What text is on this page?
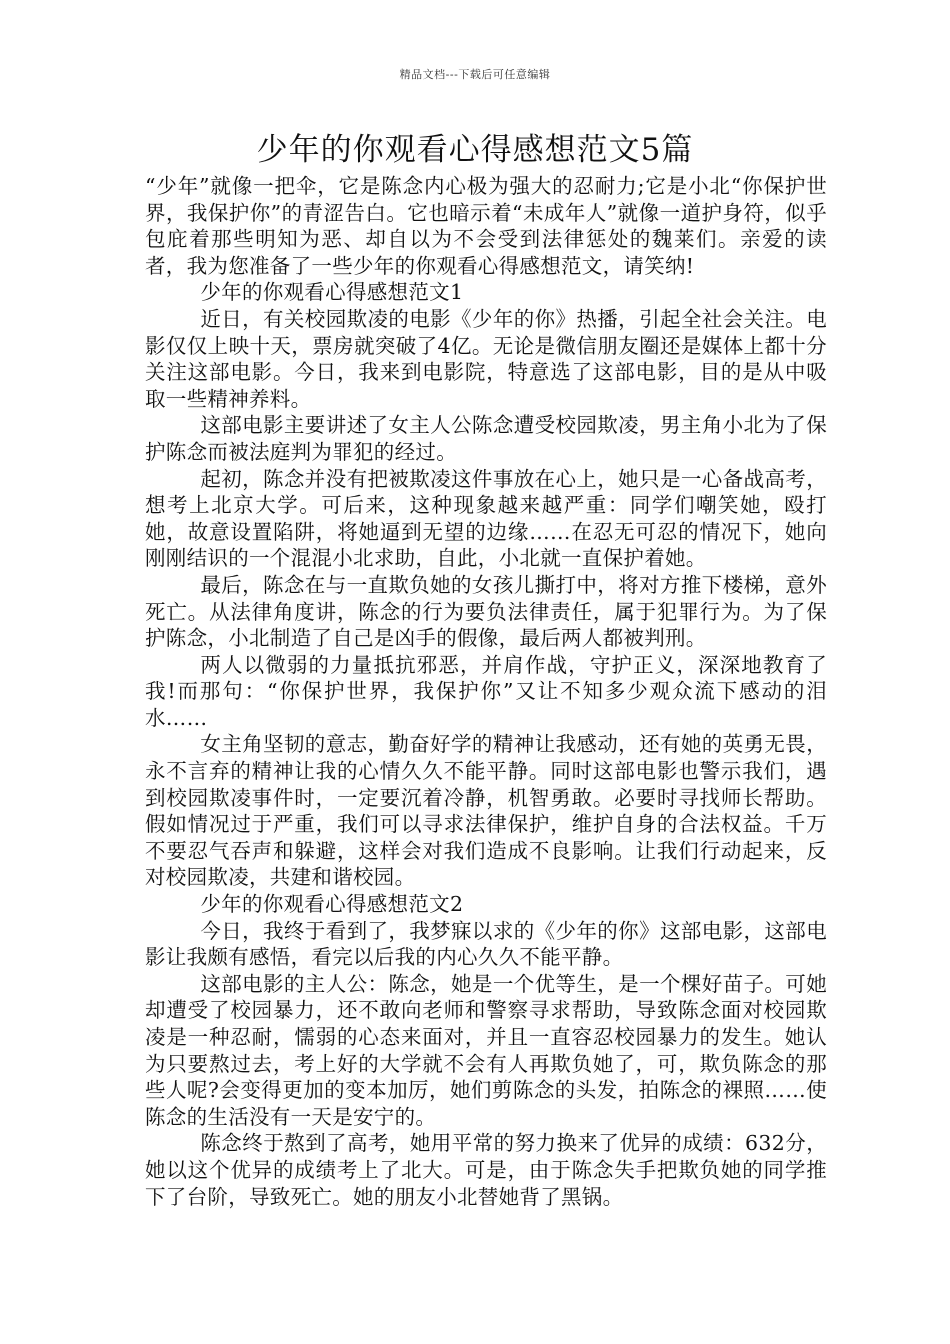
精品文档---下载后可任意编辑
少年的你观看心得感想范文5篇

“少年”就像一把伞，它是陈念内心极为强大的忍耐力;它是小北“你保护世界，我保护你”的青涩告白。它也暗示着“未成年人”就像一道护身符，似乎包庇着那些明知为恶、却自以为不会受到法律惩处的魏莱们。亲爱的读者，我为您准备了一些少年的你观看心得感想范文，请笑纳!

少年的你观看心得感想范文1

近日，有关校园欺凌的电影《少年的你》热播，引起全社会关注。电影仅仅上映十天，票房就突破了4亿。无论是微信朋友圈还是媒体上都十分关注这部电影。今日，我来到电影院，特意选了这部电影，目的是从中吸取一些精神养料。

这部电影主要讲述了女主人公陈念遭受校园欺凌，男主角小北为了保护陈念而被法庭判为罪犯的经过。

起初，陈念并没有把被欺凌这件事放在心上，她只是一心备战高考，想考上北京大学。可后来，这种现象越来越严重：同学们嘲笑她，殴打她，故意设置陷阱，将她逼到无望的边缘……在忍无可忍的情况下，她向刚刚结识的一个混混小北求助，自此，小北就一直保护着她。

最后，陈念在与一直欺负她的女孩儿撕打中，将对方推下楼梯，意外死亡。从法律角度讲，陈念的行为要负法律责任，属于犯罪行为。为了保护陈念，小北制造了自己是凶手的假像，最后两人都被判刑。

两人以微弱的力量抵抗邪恶，并肩作战，守护正义，深深地教育了我!而那句：“你保护世界，我保护你”又让不知多少观众流下感动的泪水……

女主角坚韧的意志，勤奋好学的精神让我感动，还有她的英勇无畏，永不言弃的精神让我的心情久久不能平静。同时这部电影也警示我们，遇到校园欺凌事件时，一定要沉着冷静，机智勇敢。必要时寻找师长帮助。假如情况过于严重，我们可以寻求法律保护，维护自身的合法权益。千万不要忍气吞声和躲避，这样会对我们造成不良影响。让我们行动起来，反对校园欺凌，共建和谐校园。

少年的你观看心得感想范文2

今日，我终于看到了，我梦寐以求的《少年的你》这部电影，这部电影让我颇有感悟，看完以后我的内心久久不能平静。

这部电影的主人公：陈念，她是一个优等生，是一个棵好苗子。可她却遭受了校园暴力，还不敢向老师和警察寻求帮助，导致陈念面对校园欺凌是一种忍耐，懦弱的心态来面对，并且一直容忍校园暴力的发生。她认为只要熬过去，考上好的大学就不会有人再欺负她了，可，欺负陈念的那些人呢?会变得更加的变本加厉，她们剪陈念的头发，拍陈念的裸照……使陈念的生活没有一天是安宁的。

陈念终于熬到了高考，她用平常的努力换来了优异的成绩：632分，她以这个优异的成绩考上了北大。可是，由于陈念失手把欺负她的同学推下了台阶，导致死亡。她的朋友小北替她背了黑锅。
